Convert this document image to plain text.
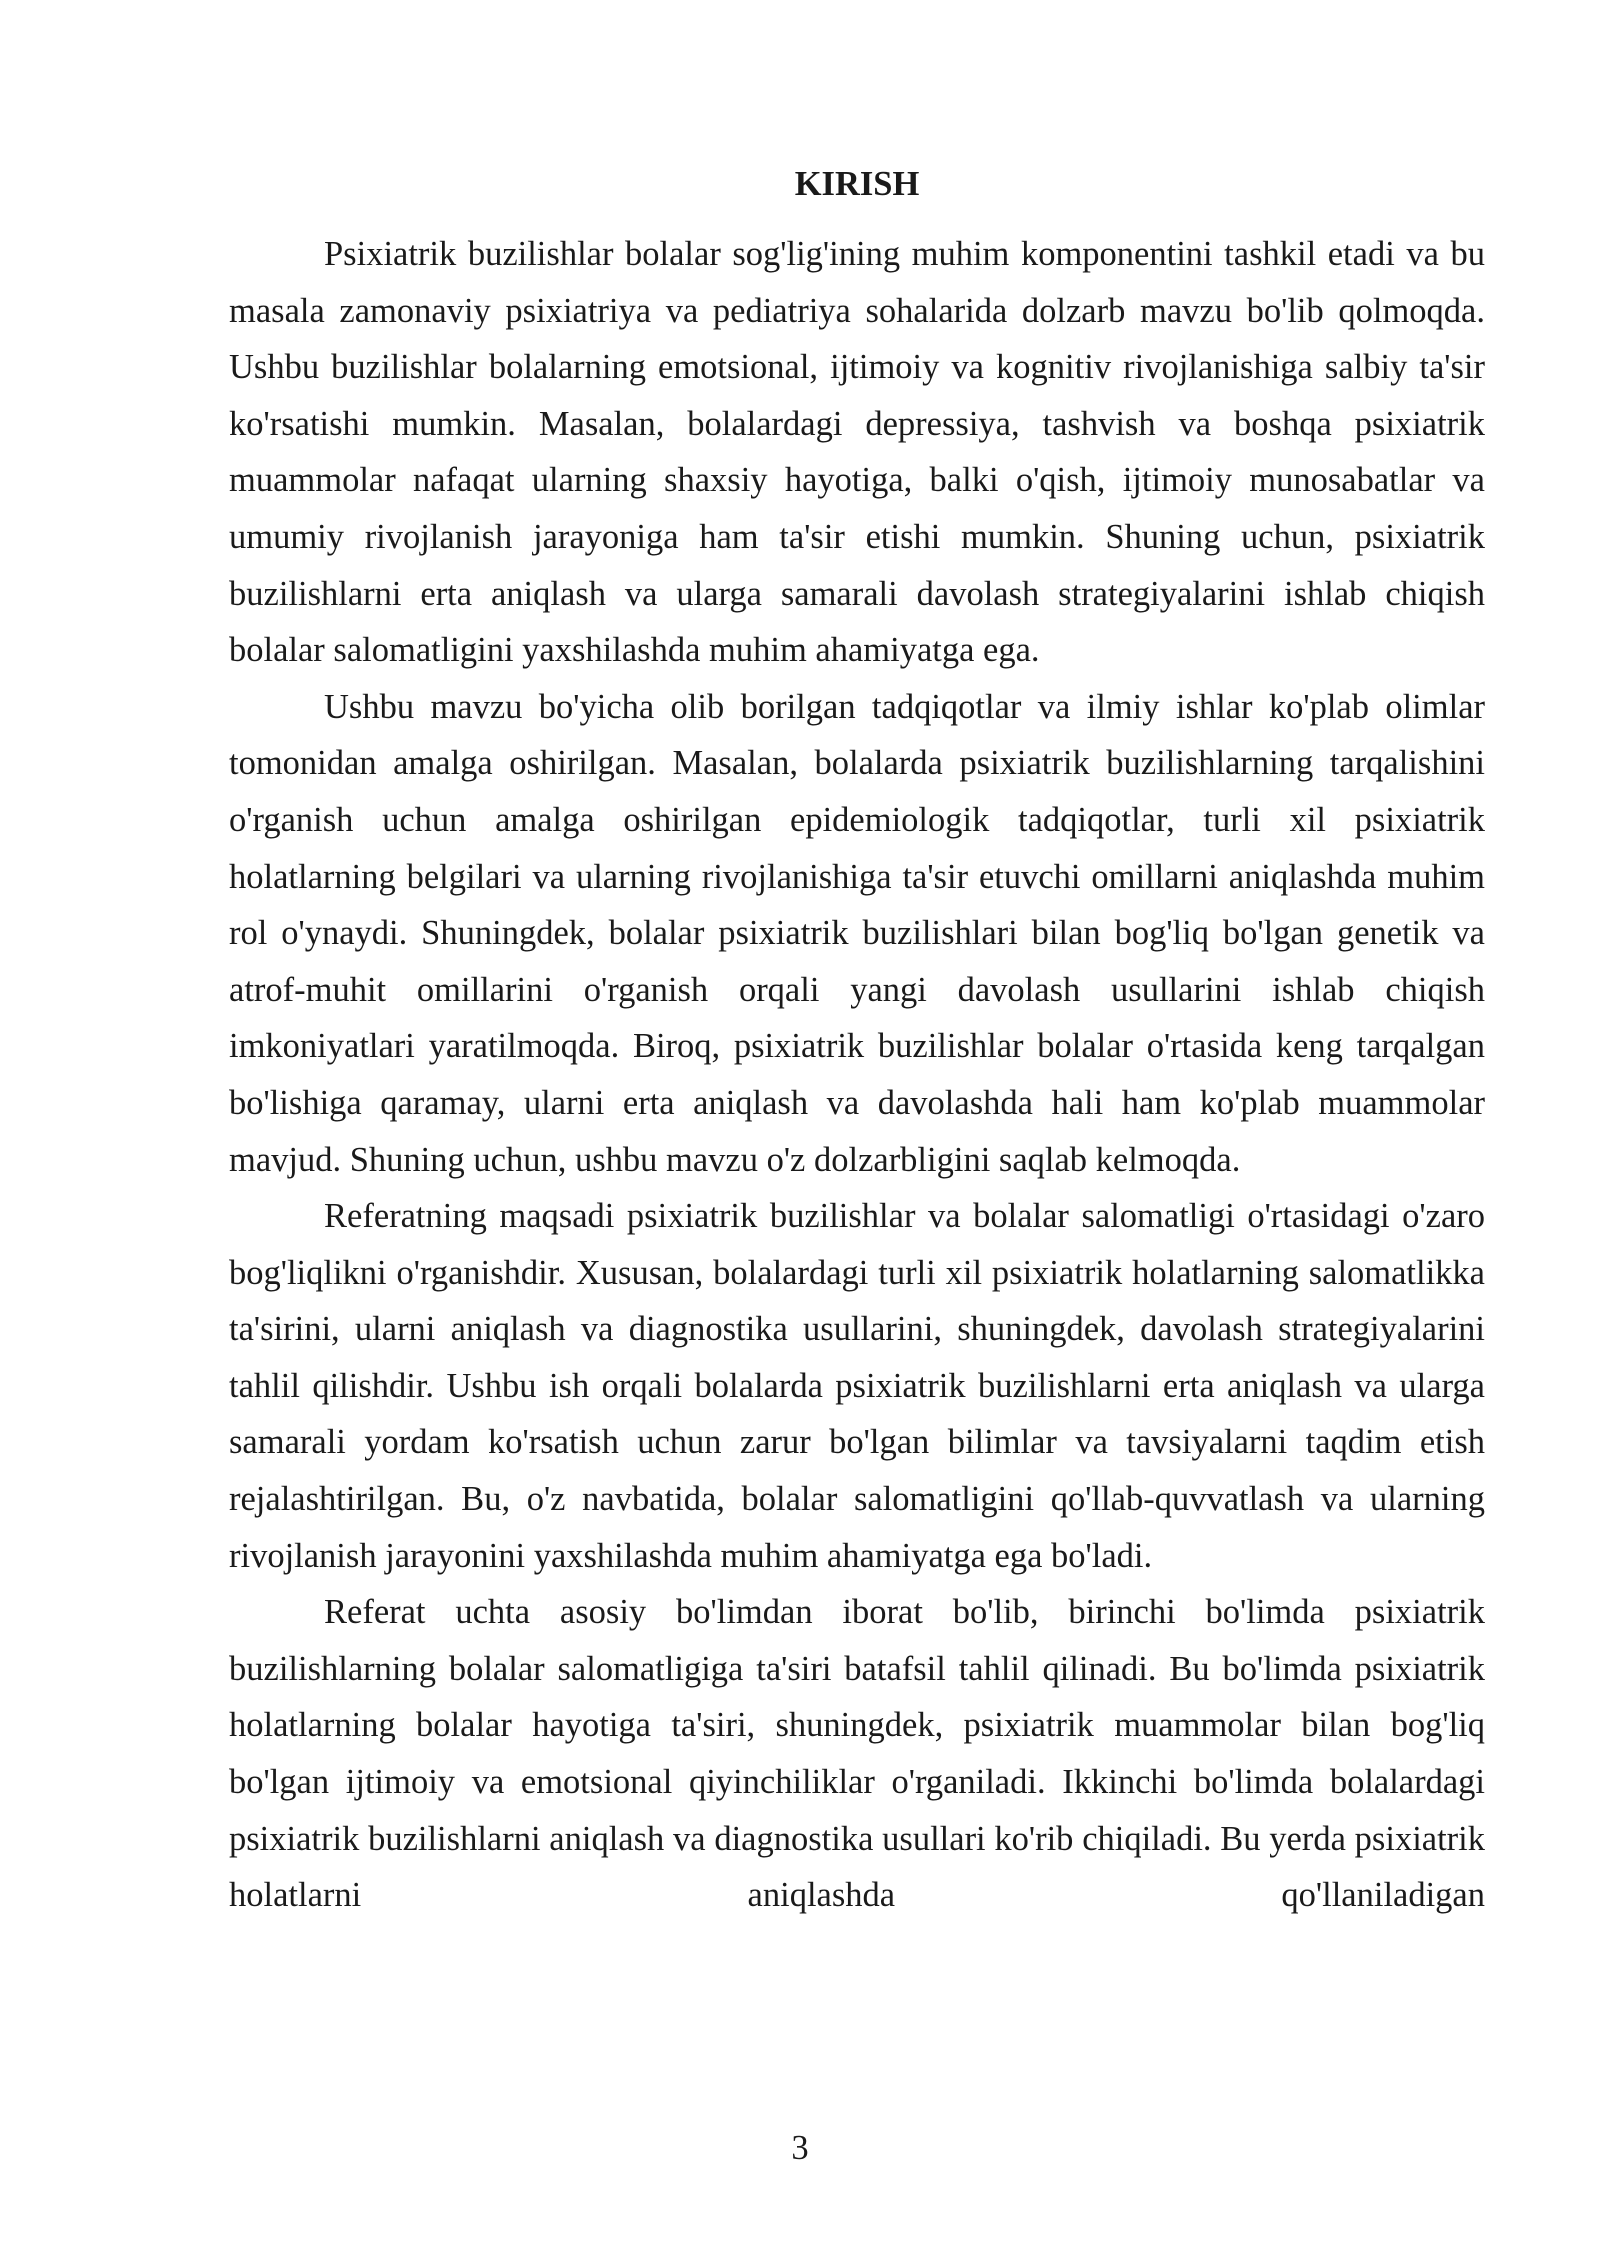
KIRISH

Psixiatrik buzilishlar bolalar sog'lig'ining muhim komponentini tashkil etadi va bu masala zamonaviy psixiatriya va pediatriya sohalarida dolzarb mavzu bo'lib qolmoqda. Ushbu buzilishlar bolalarning emotsional, ijtimoiy va kognitiv rivojlanishiga salbiy ta'sir ko'rsatishi mumkin. Masalan, bolalardagi depressiya, tashvish va boshqa psixiatrik muammolar nafaqat ularning shaxsiy hayotiga, balki o'qish, ijtimoiy munosabatlar va umumiy rivojlanish jarayoniga ham ta'sir etishi mumkin. Shuning uchun, psixiatrik buzilishlarni erta aniqlash va ularga samarali davolash strategiyalarini ishlab chiqish bolalar salomatligini yaxshilashda muhim ahamiyatga ega.

Ushbu mavzu bo'yicha olib borilgan tadqiqotlar va ilmiy ishlar ko'plab olimlar tomonidan amalga oshirilgan. Masalan, bolalarda psixiatrik buzilishlarning tarqalishini o'rganish uchun amalga oshirilgan epidemiologik tadqiqotlar, turli xil psixiatrik holatlarning belgilari va ularning rivojlanishiga ta'sir etuvchi omillarni aniqlashda muhim rol o'ynaydi. Shuningdek, bolalar psixiatrik buzilishlari bilan bog'liq bo'lgan genetik va atrof-muhit omillarini o'rganish orqali yangi davolash usullarini ishlab chiqish imkoniyatlari yaratilmoqda. Biroq, psixiatrik buzilishlar bolalar o'rtasida keng tarqalgan bo'lishiga qaramay, ularni erta aniqlash va davolashda hali ham ko'plab muammolar mavjud. Shuning uchun, ushbu mavzu o'z dolzarbligini saqlab kelmoqda.

Referatning maqsadi psixiatrik buzilishlar va bolalar salomatligi o'rtasidagi o'zaro bog'liqlikni o'rganishdir. Xususan, bolalardagi turli xil psixiatrik holatlarning salomatlikka ta'sirini, ularni aniqlash va diagnostika usullarini, shuningdek, davolash strategiyalarini tahlil qilishdir. Ushbu ish orqali bolalarda psixiatrik buzilishlarni erta aniqlash va ularga samarali yordam ko'rsatish uchun zarur bo'lgan bilimlar va tavsiyalarni taqdim etish rejalashtirilgan. Bu, o'z navbatida, bolalar salomatligini qo'llab-quvvatlash va ularning rivojlanish jarayonini yaxshilashda muhim ahamiyatga ega bo'ladi.

Referat uchta asosiy bo'limdan iborat bo'lib, birinchi bo'limda psixiatrik buzilishlarning bolalar salomatligiga ta'siri batafsil tahlil qilinadi. Bu bo'limda psixiatrik holatlarning bolalar hayotiga ta'siri, shuningdek, psixiatrik muammolar bilan bog'liq bo'lgan ijtimoiy va emotsional qiyinchiliklar o'rganiladi. Ikkinchi bo'limda bolalardagi psixiatrik buzilishlarni aniqlash va diagnostika usullari ko'rib chiqiladi. Bu yerda psixiatrik holatlarni aniqlashda qo'llaniladigan

3
